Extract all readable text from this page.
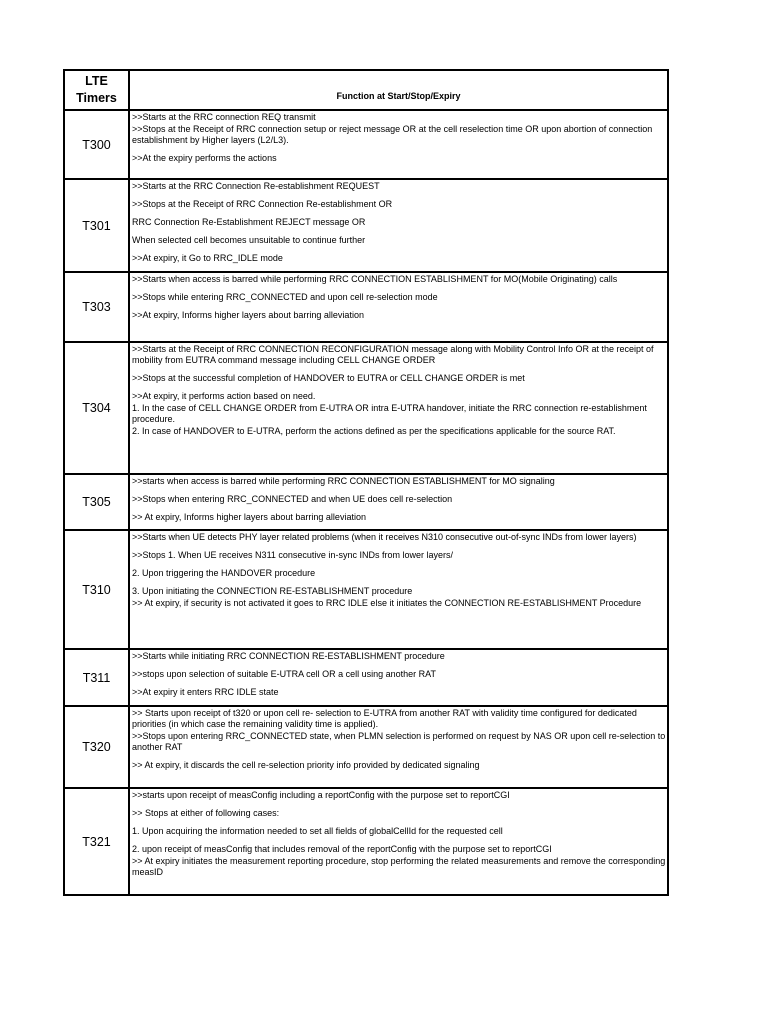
LTE Timers	Function at Start/Stop/Expiry
T300	>>Starts at the RRC connection REQ transmit
>>Stops at the Receipt of RRC connection setup or reject message OR at the cell reselection time OR upon abortion of connection establishment by Higher layers (L2/L3).
>>At the expiry performs the actions

T301	>>Starts at the RRC Connection Re-establishment REQUEST
>>Stops at the Receipt of RRC Connection Re-establishment OR
RRC Connection Re-Establishment REJECT message OR
When selected cell becomes unsuitable to continue further
>>At expiry, it Go to RRC_IDLE mode

T303	>>Starts when access is barred while performing RRC CONNECTION ESTABLISHMENT for MO(Mobile Originating) calls
>>Stops while entering RRC_CONNECTED and upon cell re-selection mode
>>At expiry, Informs higher layers about barring alleviation

T304	>>Starts at the Receipt of RRC CONNECTION RECONFIGURATION message along with Mobility Control Info OR at the receipt of mobility from EUTRA command message including CELL CHANGE ORDER
>>Stops at the successful completion of HANDOVER to EUTRA or CELL CHANGE ORDER is met
>>At expiry, it performs action based on need.
1. In the case of CELL CHANGE ORDER from E-UTRA OR intra E-UTRA handover, initiate the RRC connection re-establishment procedure.
2. In case of HANDOVER to E-UTRA, perform the actions defined as per the specifications applicable for the source RAT.

T305	>>starts when access is barred while performing RRC CONNECTION ESTABLISHMENT for MO signaling
>>Stops when entering RRC_CONNECTED and when UE does cell re-selection
>> At expiry, Informs higher layers about barring alleviation

T310	>>Starts when UE detects PHY layer related problems (when it receives N310 consecutive out-of-sync INDs from lower layers)
>>Stops 1. When UE receives N311 consecutive in-sync INDs from lower layers/
2. Upon triggering the HANDOVER procedure
3. Upon initiating the CONNECTION RE-ESTABLISHMENT procedure
>> At expiry, if security is not activated it goes to RRC IDLE else it initiates the CONNECTION RE-ESTABLISHMENT Procedure

T311	>>Starts while initiating RRC CONNECTION RE-ESTABLISHMENT procedure
>>stops upon selection of suitable E-UTRA cell OR a cell using another RAT
>>At expiry it enters RRC IDLE state

T320	>> Starts upon receipt of t320 or upon cell re- selection to E-UTRA from another RAT with validity time configured for dedicated priorities (in which case the remaining validity time is applied).
>>Stops upon entering RRC_CONNECTED state, when PLMN selection is performed on request by NAS OR upon cell re-selection to another RAT
>> At expiry, it discards the cell re-selection priority info provided by dedicated signaling

T321	>>starts upon receipt of measConfig including a reportConfig with the purpose set to reportCGI
>> Stops at either of following cases:
1. Upon acquiring the information needed to set all fields of globalCellId for the requested cell
2. upon receipt of measConfig that includes removal of the reportConfig with the purpose set to reportCGI
>> At expiry initiates the measurement reporting procedure, stop performing the related measurements and remove the corresponding measID
